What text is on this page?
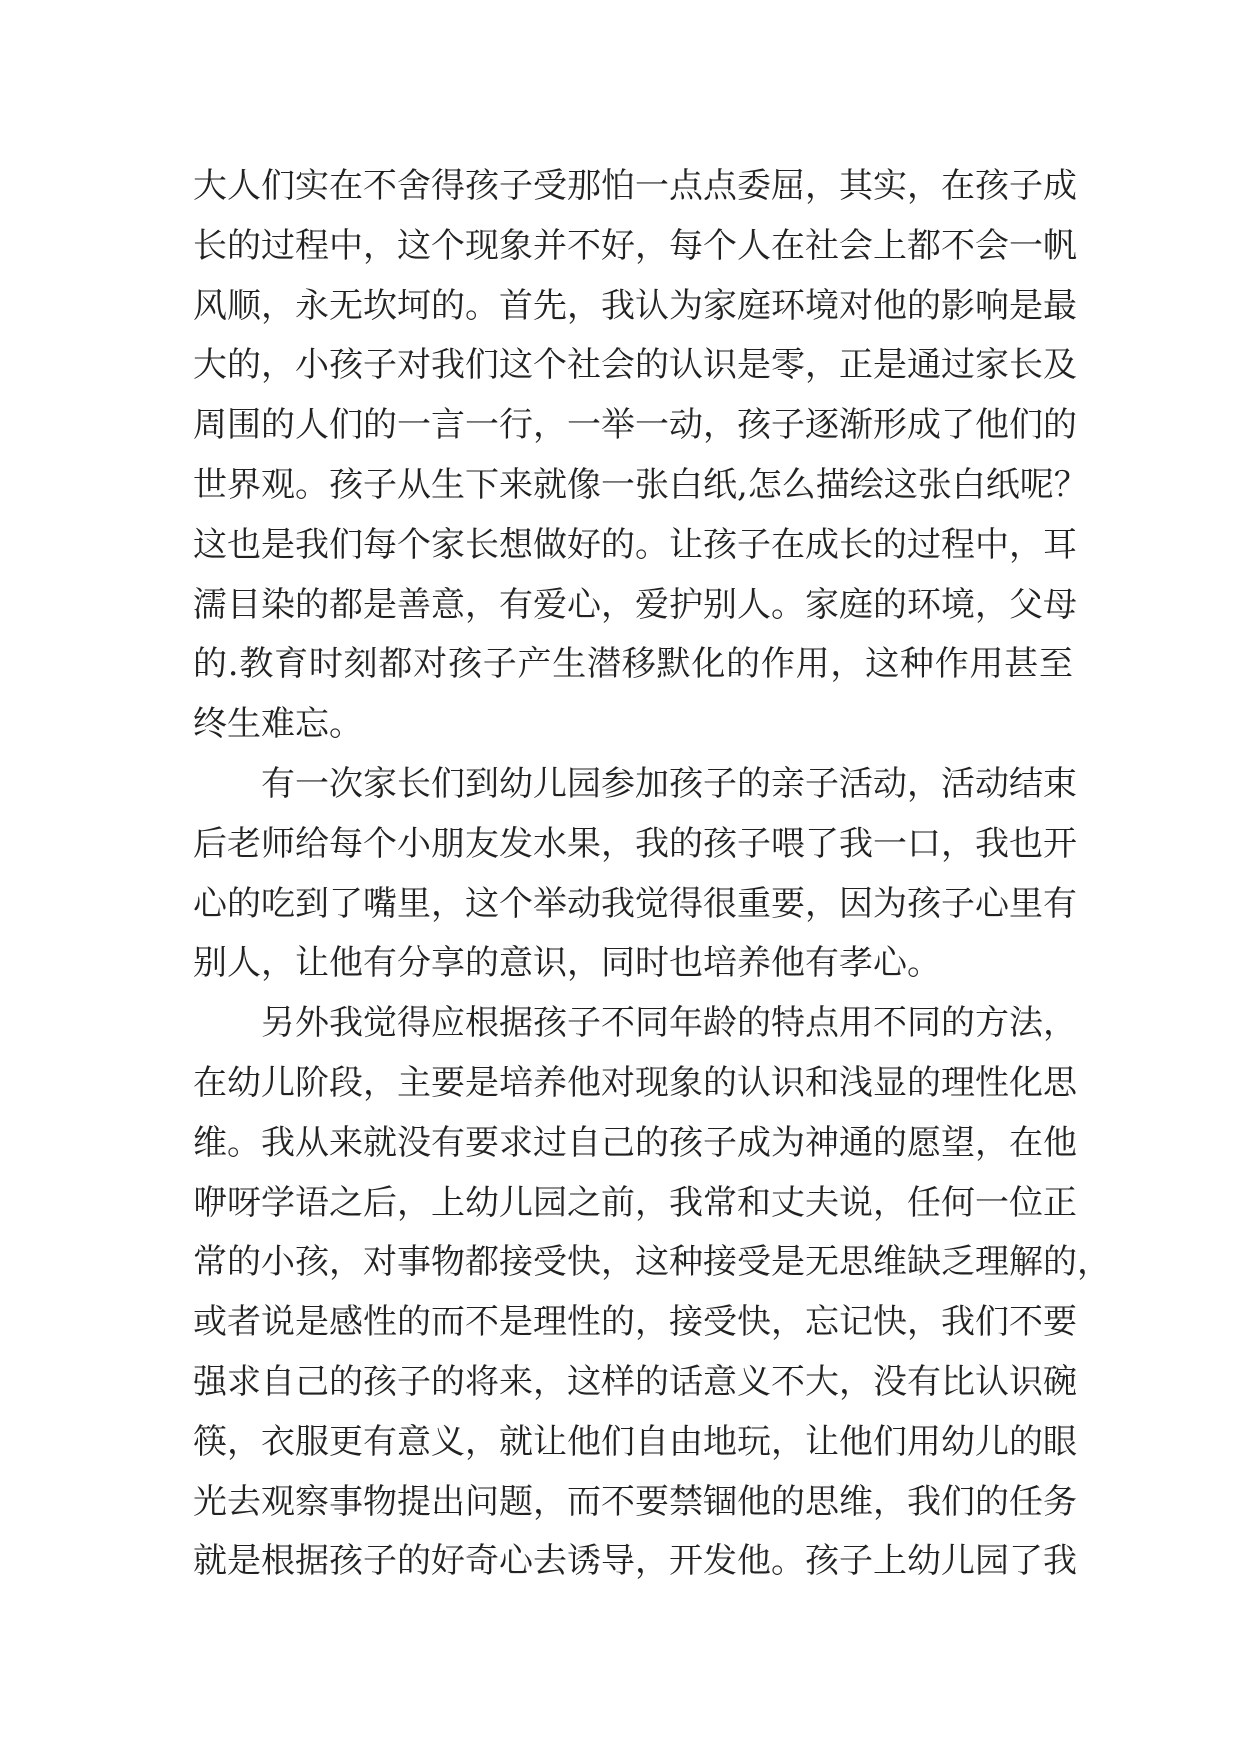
大人们实在不舍得孩子受那怕一点点委屈，其实，在孩子成
长的过程中，这个现象并不好，每个人在社会上都不会一帆
风顺，永无坎坷的。首先，我认为家庭环境对他的影响是最
大的，小孩子对我们这个社会的认识是零，正是通过家长及
周围的人们的一言一行，一举一动，孩子逐渐形成了他们的
世界观。孩子从生下来就像一张白纸,怎么描绘这张白纸呢？
这也是我们每个家长想做好的。让孩子在成长的过程中，耳
濡目染的都是善意，有爱心，爱护别人。家庭的环境，父母
的.教育时刻都对孩子产生潜移默化的作用，这种作用甚至
终生难忘。
有一次家长们到幼儿园参加孩子的亲子活动，活动结束
后老师给每个小朋友发水果，我的孩子喂了我一口，我也开
心的吃到了嘴里，这个举动我觉得很重要，因为孩子心里有
别人，让他有分享的意识，同时也培养他有孝心。
另外我觉得应根据孩子不同年龄的特点用不同的方法，
在幼儿阶段，主要是培养他对现象的认识和浅显的理性化思
维。我从来就没有要求过自己的孩子成为神通的愿望，在他
咿呀学语之后，上幼儿园之前，我常和丈夫说，任何一位正
常的小孩，对事物都接受快，这种接受是无思维缺乏理解的，
或者说是感性的而不是理性的，接受快，忘记快，我们不要
强求自己的孩子的将来，这样的话意义不大，没有比认识碗
筷，衣服更有意义，就让他们自由地玩，让他们用幼儿的眼
光去观察事物提出问题，而不要禁锢他的思维，我们的任务
就是根据孩子的好奇心去诱导，开发他。孩子上幼儿园了我
